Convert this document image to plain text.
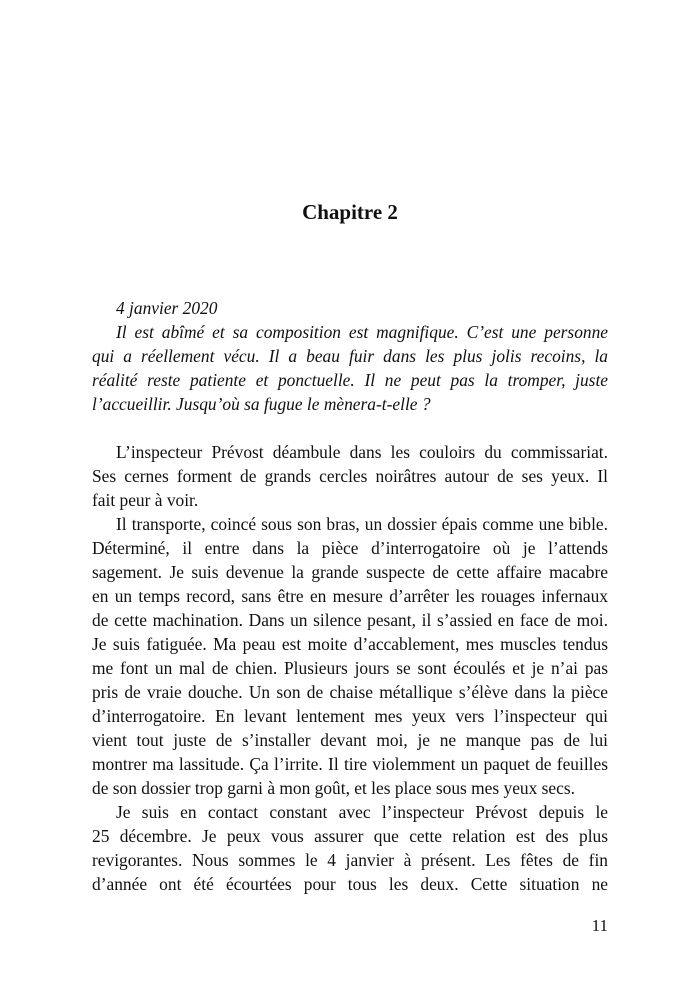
Chapitre 2
4 janvier 2020
Il est abîmé et sa composition est magnifique. C’est une personne
qui a réellement vécu. Il a beau fuir dans les plus jolis recoins, la
réalité reste patiente et ponctuelle. Il ne peut pas la tromper, juste
l’accueillir. Jusqu’où sa fugue le mènera-t-elle ?
L’inspecteur Prévost déambule dans les couloirs du commissariat.
Ses cernes forment de grands cercles noirâtres autour de ses yeux. Il
fait peur à voir.
Il transporte, coincé sous son bras, un dossier épais comme une bible.
Déterminé, il entre dans la pièce d’interrogatoire où je l’attends
sagement. Je suis devenue la grande suspecte de cette affaire macabre
en un temps record, sans être en mesure d’arrêter les rouages infernaux
de cette machination. Dans un silence pesant, il s’assied en face de moi.
Je suis fatiguée. Ma peau est moite d’accablement, mes muscles tendus
me font un mal de chien. Plusieurs jours se sont écoulés et je n’ai pas
pris de vraie douche. Un son de chaise métallique s’élève dans la pièce
d’interrogatoire. En levant lentement mes yeux vers l’inspecteur qui
vient tout juste de s’installer devant moi, je ne manque pas de lui
montrer ma lassitude. Ça l’irrite. Il tire violemment un paquet de feuilles
de son dossier trop garni à mon goût, et les place sous mes yeux secs.
Je suis en contact constant avec l’inspecteur Prévost depuis le
25 décembre. Je peux vous assurer que cette relation est des plus
revigorantes. Nous sommes le 4 janvier à présent. Les fêtes de fin
d’année ont été écourtées pour tous les deux. Cette situation ne
11
